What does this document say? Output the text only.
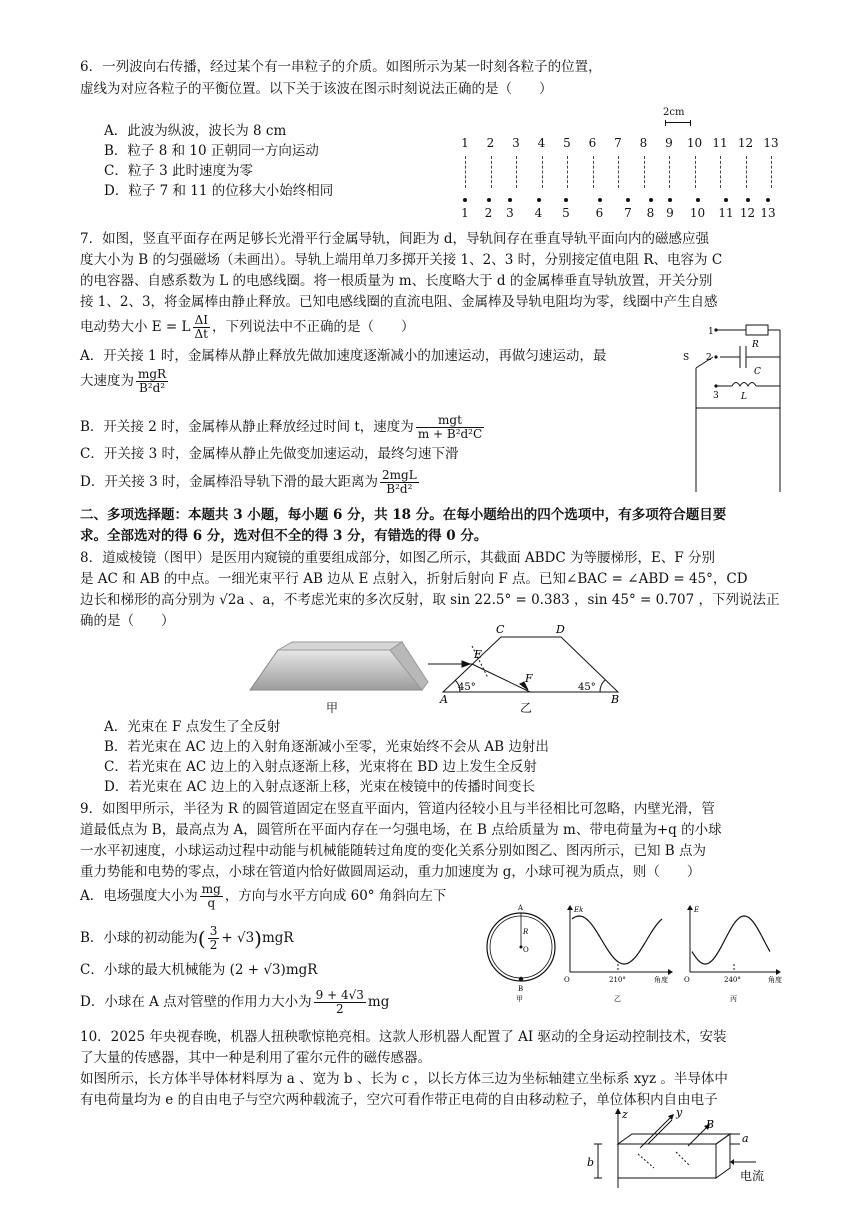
6．一列波向右传播，经过某个有一串粒子的介质。如图所示为某一时刻各粒子的位置，
虚线为对应各粒子的平衡位置。以下关于该波在图示时刻说法正确的是（　　）
A．此波为纵波，波长为 8 cm
B．粒子 8 和 10 正朝同一方向运动
C．粒子 3 此时速度为零
D．粒子 7 和 11 的位移大小始终相同
2cm
1	2	3	4	5	6	7	8	9	10 11 12 13
1	2	3	4	5	6	7	8 9	10 11 12 13
7．如图，竖直平面存在两足够长光滑平行金属导轨，间距为 d，导轨间存在垂直导轨平面向内的磁感应强
度大小为 B 的匀强磁场（未画出）。导轨上端用单刀多掷开关接 1、2、3 时，分别接定值电阻 R、电容为 C
的电容器、自感系数为 L 的电感线圈。将一根质量为 m、长度略大于 d 的金属棒垂直导轨放置，开关分别
接 1、2、3，将金属棒由静止释放。已知电感线圈的直流电阻、金属棒及导轨电阻均为零，线圈中产生自感
电动势大小 E = L $\frac{\Delta I}{\Delta t}$ ，下列说法中不正确的是（　　）
A．开关接 1 时，金属棒从静止释放先做加速度逐渐减小的加速运动，再做匀速运动，最
大速度为 $\frac{\text{mgR}}{\text{B²d²}}$
B．开关接 2 时，金属棒从静止释放经过时间 t，速度为 $\frac{\text{mgt}}{\text{m + B²d²C}}$
C．开关接 3 时，金属棒从静止先做变加速运动，最终匀速下滑
D．开关接 3 时，金属棒沿导轨下滑的最大距离为 $\frac{\text{2mgL}}{\text{B²d²}}$
1
S 2
3
R
C
L
二、多项选择题：本题共 3 小题，每小题 6 分，共 18 分。在每小题给出的四个选项中，有多项符合题目要
求。全部选对的得 6 分，选对但不全的得 3 分，有错选的得 0 分。
8．道威棱镜（图甲）是医用内窥镜的重要组成部分，如图乙所示，其截面 ABDC 为等腰梯形，E、F 分别
是 AC 和 AB 的中点。一细光束平行 AB 边从 E 点射入，折射后射向 F 点。已知∠BAC = ∠ABD = 45°，CD
边长和梯形的高分别为 √2a 、a，不考虑光束的多次反射，取 sin 22.5° = 0.383 ，sin 45° = 0.707 ，下列说法正
确的是（　　）
甲
C	D
E
F
A	B
45°	45°
乙
A．光束在 F 点发生了全反射
B．若光束在 AC 边上的入射角逐渐减小至零，光束始终不会从 AB 边射出
C．若光束在 AC 边上的入射点逐渐上移，光束将在 BD 边上发生全反射
D．若光束在 AC 边上的入射点逐渐上移，光束在棱镜中的传播时间变长
9．如图甲所示，半径为 R 的圆管道固定在竖直平面内，管道内径较小且与半径相比可忽略，内壁光滑，管
道最低点为 B，最高点为 A，圆管所在平面内存在一匀强电场，在 B 点给质量为 m、带电荷量为+q 的小球
一水平初速度，小球运动过程中动能与机械能随转过角度的变化关系分别如图乙、图丙所示，已知 B 点为
重力势能和电势的零点，小球在管道内恰好做圆周运动，重力加速度为 g，小球可视为质点，则（　　）
A．电场强度大小为 $\frac{mg}{q}$ ，方向与水平方向成 60° 角斜向左下
B．小球的初动能为( $\frac{3}{2} + √3)mgR$
C．小球的最大机械能为 (2 + √3)mgR
D．小球在 A 点对管壁的作用力大小为 $\frac{9 + 4√3}{2}$ mg
A
R
O
B
甲
Ek
O	210°	角度
乙
E
O	240°	角度
丙
10．2025 年央视春晚，机器人扭秧歌惊艳亮相。这款人形机器人配置了 AI 驱动的全身运动控制技术，安装
了大量的传感器，其中一种是利用了霍尔元件的磁传感器。
如图所示，长方体半导体材料厚为 a 、宽为 b 、长为 c ，以长方体三边为坐标轴建立坐标系 xyz 。半导体中
有电荷量均为 e 的自由电子与空穴两种载流子，空穴可看作带正电荷的自由移动粒子，单位体积内自由电子
z	y
B
a
b
电流
